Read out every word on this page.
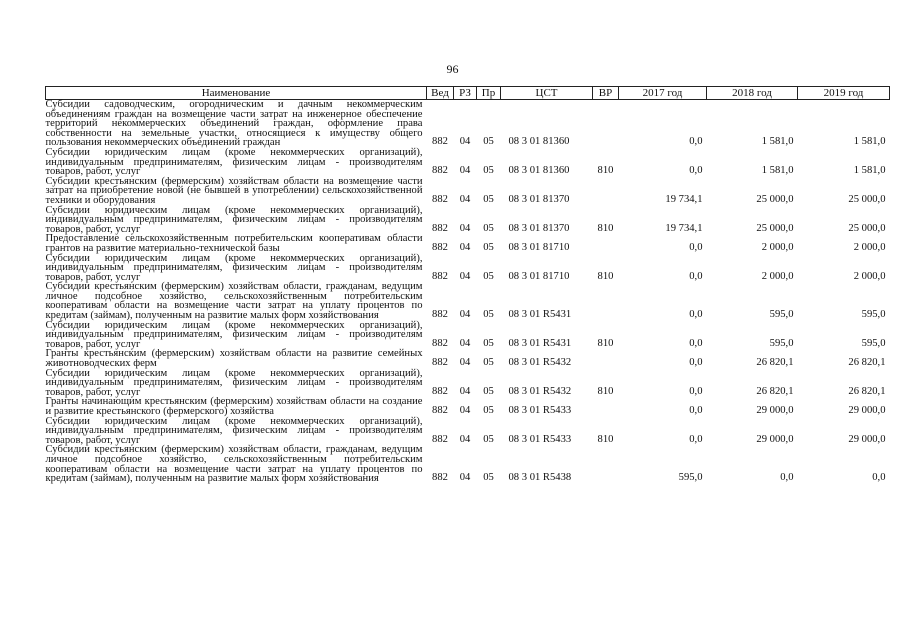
96
Наименование	Вед	РЗ	Пр	ЦСТ	ВР	2017 год	2018 год	2019 год
Субсидии садоводческим, огородническим и дачным некоммерческим объединениям граждан на возмещение части затрат на инженерное обеспечение территорий некоммерческих объединений граждан, оформление права собственности на земельные участки, относящиеся к имуществу общего пользования некоммерческих объединений граждан	882	04	05	08 3 01 81360		0,0	1 581,0	1 581,0
Субсидии юридическим лицам (кроме некоммерческих организаций), индивидуальным предпринимателям, физическим лицам - производителям товаров, работ, услуг	882	04	05	08 3 01 81360	810	0,0	1 581,0	1 581,0
Субсидии крестьянским (фермерским) хозяйствам области на возмещение части затрат на приобретение новой (не бывшей в употреблении) сельскохозяйственной техники и оборудования	882	04	05	08 3 01 81370		19 734,1	25 000,0	25 000,0
Субсидии юридическим лицам (кроме некоммерческих организаций), индивидуальным предпринимателям, физическим лицам - производителям товаров, работ, услуг	882	04	05	08 3 01 81370	810	19 734,1	25 000,0	25 000,0
Предоставление сельскохозяйственным потребительским кооперативам области грантов на развитие материально-технической базы	882	04	05	08 3 01 81710		0,0	2 000,0	2 000,0
Субсидии юридическим лицам (кроме некоммерческих организаций), индивидуальным предпринимателям, физическим лицам - производителям товаров, работ, услуг	882	04	05	08 3 01 81710	810	0,0	2 000,0	2 000,0
Субсидии крестьянским (фермерским) хозяйствам области, гражданам, ведущим личное подсобное хозяйство, сельскохозяйственным потребительским кооперативам области на возмещение части затрат на уплату процентов по кредитам (займам), полученным на развитие малых форм хозяйствования	882	04	05	08 3 01 R5431		0,0	595,0	595,0
Субсидии юридическим лицам (кроме некоммерческих организаций), индивидуальным предпринимателям, физическим лицам - производителям товаров, работ, услуг	882	04	05	08 3 01 R5431	810	0,0	595,0	595,0
Гранты крестьянским (фермерским) хозяйствам области на развитие семейных животноводческих ферм	882	04	05	08 3 01 R5432		0,0	26 820,1	26 820,1
Субсидии юридическим лицам (кроме некоммерческих организаций), индивидуальным предпринимателям, физическим лицам - производителям товаров, работ, услуг	882	04	05	08 3 01 R5432	810	0,0	26 820,1	26 820,1
Гранты начинающим крестьянским (фермерским) хозяйствам области на создание и развитие крестьянского (фермерского) хозяйства	882	04	05	08 3 01 R5433		0,0	29 000,0	29 000,0
Субсидии юридическим лицам (кроме некоммерческих организаций), индивидуальным предпринимателям, физическим лицам - производителям товаров, работ, услуг	882	04	05	08 3 01 R5433	810	0,0	29 000,0	29 000,0
Субсидии крестьянским (фермерским) хозяйствам области, гражданам, ведущим личное подсобное хозяйство, сельскохозяйственным потребительским кооперативам области на возмещение части затрат на уплату процентов по кредитам (займам), полученным на развитие малых форм хозяйствования	882	04	05	08 3 01 R5438		595,0	0,0	0,0
